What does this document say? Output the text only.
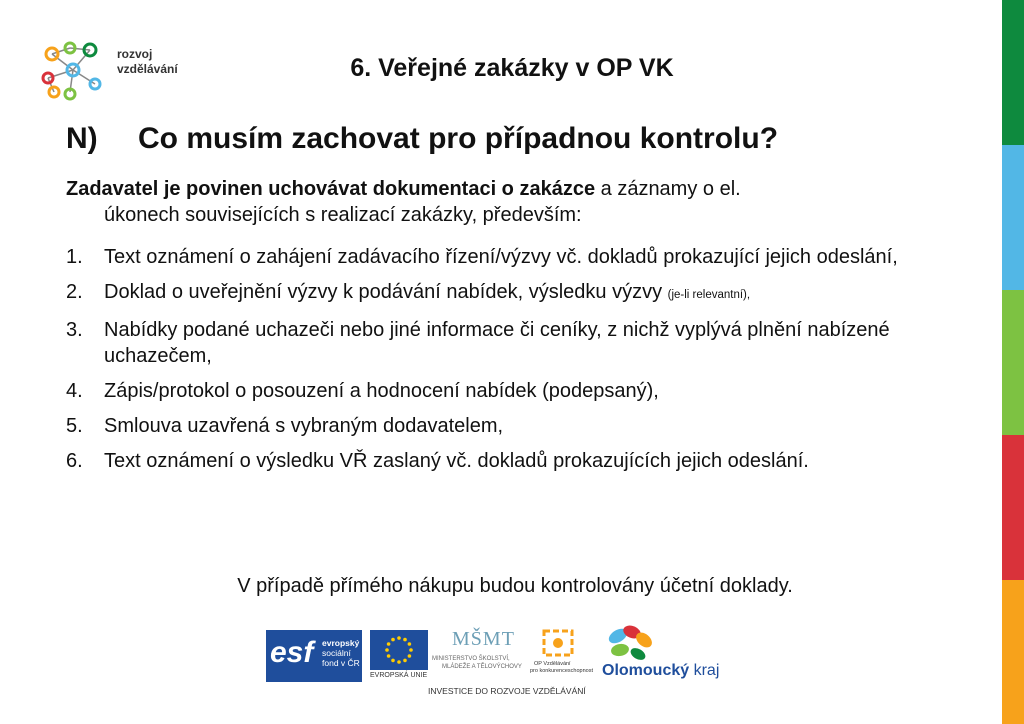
rozvoj
vzdělávání	6. Veřejné zakázky v OP VK
N) Co musím zachovat pro případnou kontrolu?
Zadavatel je povinen uchovávat dokumentaci o zakázce a záznamy o el.
úkonech souvisejících s realizací zakázky, především:
1. Text oznámení o zahájení zadávacího řízení/výzvy vč. dokladů prokazující jejich odeslání,
2. Doklad o uveřejnění výzvy k podávání nabídek, výsledku výzvy (je-li relevantní),
3. Nabídky podané uchazeči nebo jiné informace či ceníky, z nichž vyplývá plnění nabízené uchazečem,
4. Zápis/protokol o posouzení a hodnocení nabídek (podepsaný),
5. Smlouva uzavřená s vybraným dodavatelem,
6. Text oznámení o výsledku VŘ zaslaný vč. dokladů prokazujících jejich odeslání.
V případě přímého nákupu budou kontrolovány účetní doklady.
esf evropský
sociální
fond v ČR
EVROPSKÁ UNIE
MŠMT
MINISTERSTVO ŠKOLSTVÍ,
MLÁDEŽE A TĚLOVÝCHOVY OP Vzdělávání
pro konkurenceschopnost Olomoucký kraj
INVESTICE DO ROZVOJE VZDĚLÁVÁNÍ
